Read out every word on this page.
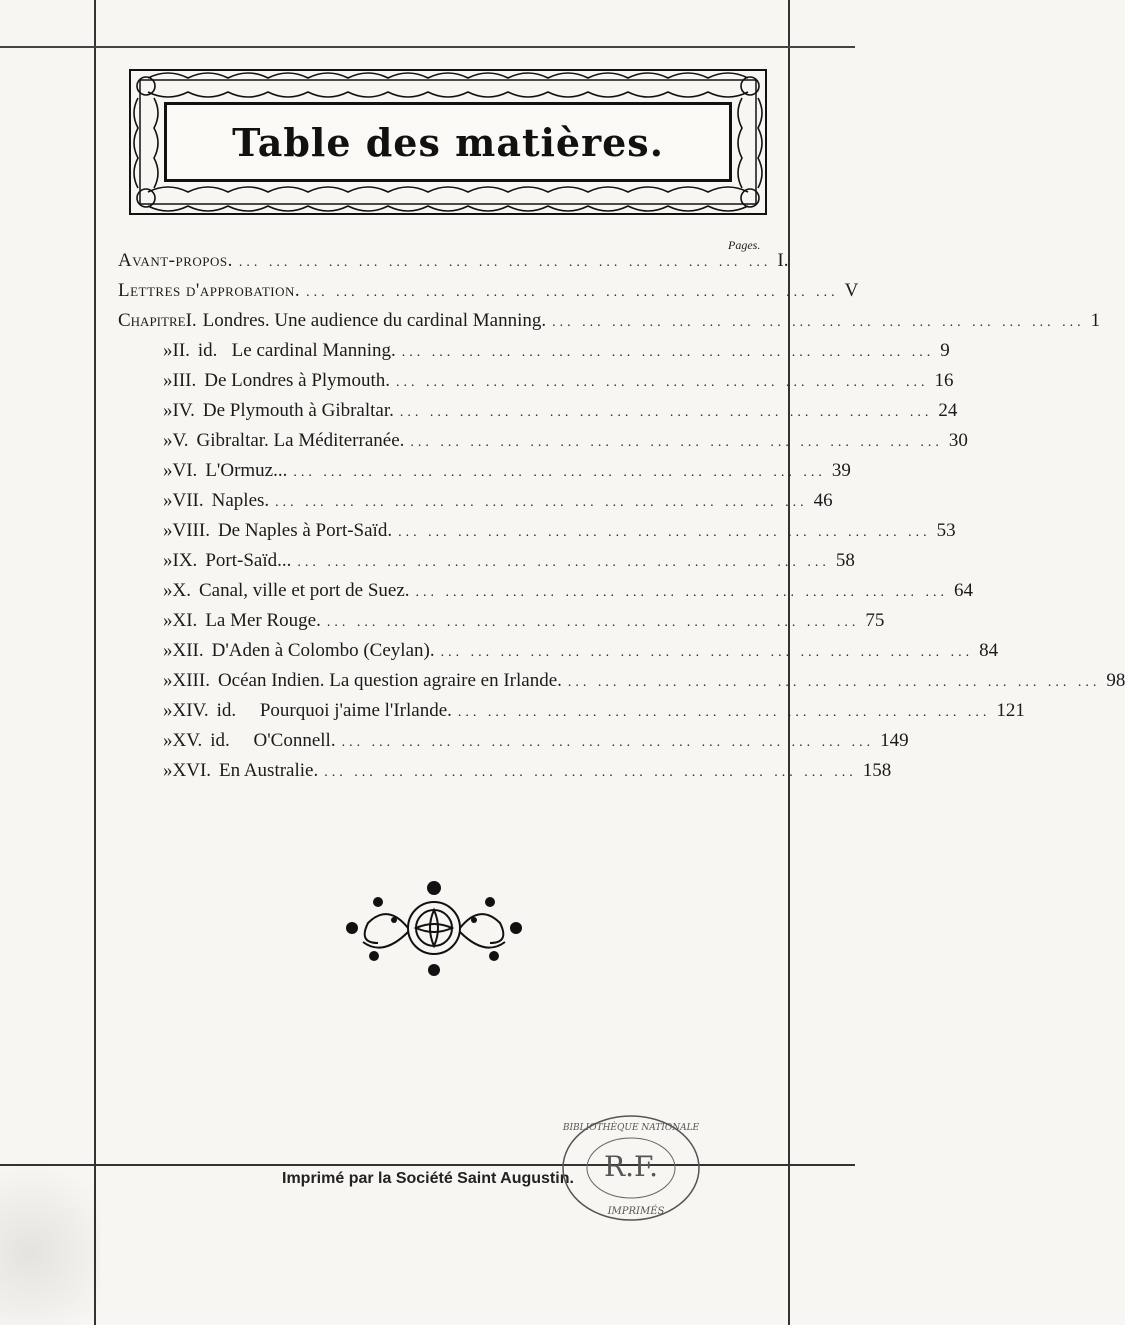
Table des matières.
Pages.
Avant-propos. ... ... ... ... ... ... ... ... ... ... ... ... ... ... ... ... ... ... I.
Lettres d'approbation. ... ... ... ... ... ... ... ... ... ... ... ... ... ... ... ... ... ... V
Chapitre I. Londres. Une audience du cardinal Manning. ... ... ... ... ... ... ... ... ... ... ... ... ... ... ... ... ... ... 1
» II. id.   Le cardinal Manning. ... ... ... ... ... ... ... ... ... ... ... ... ... ... ... ... ... ... 9
» III. De Londres à Plymouth. ... ... ... ... ... ... ... ... ... ... ... ... ... ... ... ... ... ... 16
» IV. De Plymouth à Gibraltar. ... ... ... ... ... ... ... ... ... ... ... ... ... ... ... ... ... ... 24
» V. Gibraltar. La Méditerranée. ... ... ... ... ... ... ... ... ... ... ... ... ... ... ... ... ... ... 30
» VI. L'Ormuz... ... ... ... ... ... ... ... ... ... ... ... ... ... ... ... ... ... ... 39
» VII. Naples. ... ... ... ... ... ... ... ... ... ... ... ... ... ... ... ... ... ... 46
» VIII. De Naples à Port-Saïd. ... ... ... ... ... ... ... ... ... ... ... ... ... ... ... ... ... ... 53
» IX. Port-Saïd... ... ... ... ... ... ... ... ... ... ... ... ... ... ... ... ... ... ... 58
» X. Canal, ville et port de Suez. ... ... ... ... ... ... ... ... ... ... ... ... ... ... ... ... ... ... 64
» XI. La Mer Rouge. ... ... ... ... ... ... ... ... ... ... ... ... ... ... ... ... ... ... 75
» XII. D'Aden à Colombo (Ceylan). ... ... ... ... ... ... ... ... ... ... ... ... ... ... ... ... ... ... 84
» XIII. Océan Indien. La question agraire en Irlande. ... ... ... ... ... ... ... ... ... ... ... ... ... ... ... ... ... ... 98
» XIV. id.     Pourquoi j'aime l'Irlande. ... ... ... ... ... ... ... ... ... ... ... ... ... ... ... ... ... ... 121
» XV. id.     O'Connell. ... ... ... ... ... ... ... ... ... ... ... ... ... ... ... ... ... ... 149
» XVI. En Australie. ... ... ... ... ... ... ... ... ... ... ... ... ... ... ... ... ... ... 158
Imprimé par la Société Saint Augustin. R.F.
BIBLIOTHÈQUE NATIONALE
IMPRIMÉS
